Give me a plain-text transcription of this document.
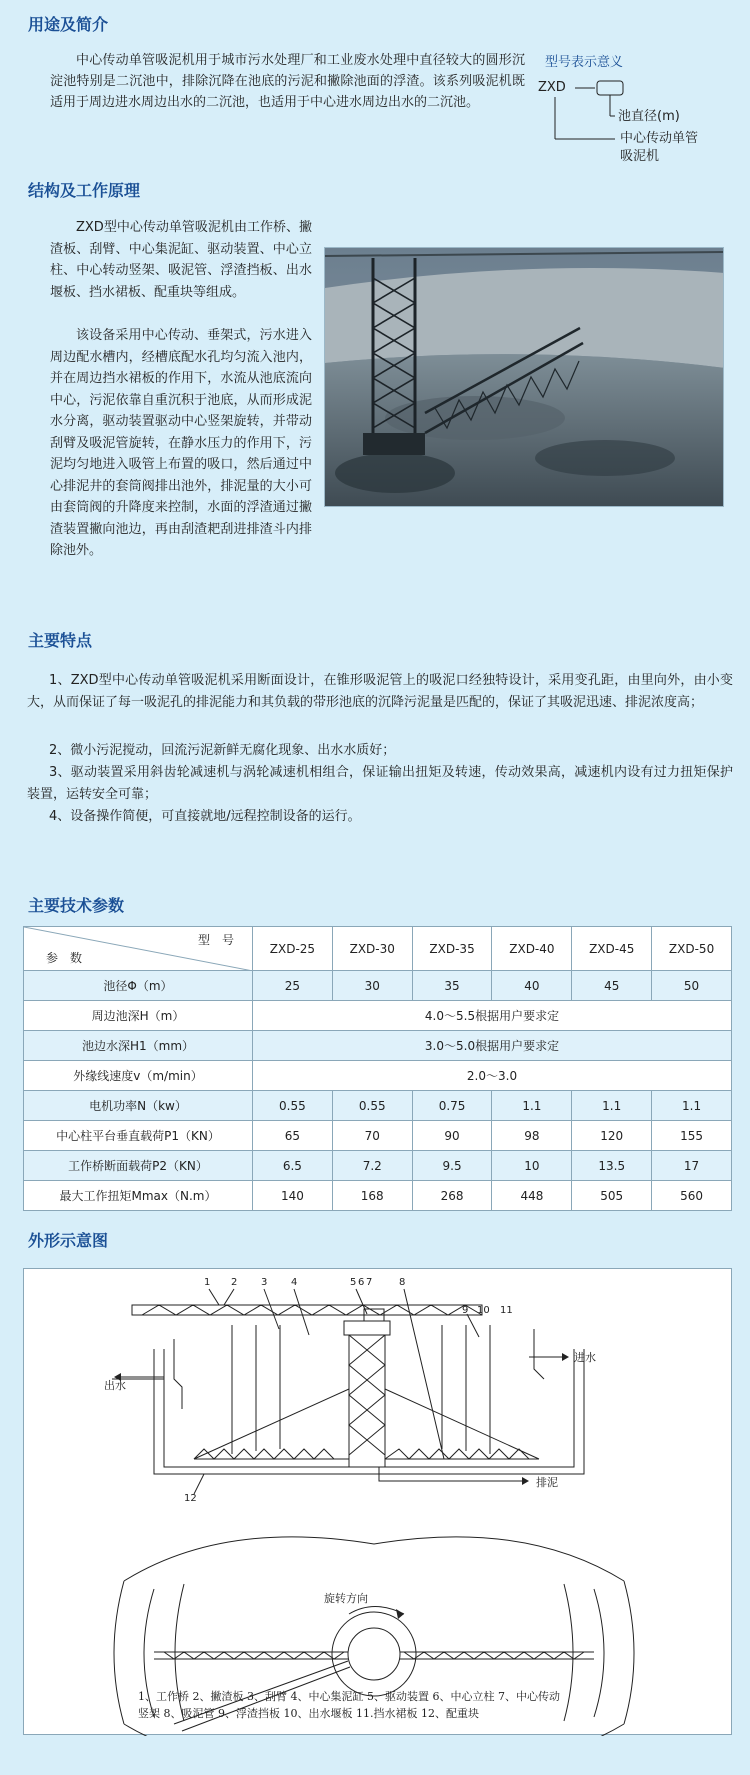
用途及简介
中心传动单管吸泥机用于城市污水处理厂和工业废水处理中直径较大的圆形沉淀池特别是二沉池中，排除沉降在池底的污泥和撇除池面的浮渣。该系列吸泥机既适用于周边进水周边出水的二沉池，也适用于中心进水周边出水的二沉池。
型号表示意义
ZXD
池直径(m)
中心传动单管吸泥机
结构及工作原理
ZXD型中心传动单管吸泥机由工作桥、撇渣板、刮臂、中心集泥缸、驱动装置、中心立柱、中心转动竖架、吸泥管、浮渣挡板、出水堰板、挡水裙板、配重块等组成。
该设备采用中心传动、垂架式，污水进入周边配水槽内，经槽底配水孔均匀流入池内，并在周边挡水裙板的作用下，水流从池底流向中心，污泥依靠自重沉积于池底，从而形成泥水分离，驱动装置驱动中心竖架旋转，并带动刮臂及吸泥管旋转，在静水压力的作用下，污泥均匀地进入吸管上布置的吸口，然后通过中心排泥井的套筒阀排出池外，排泥量的大小可由套筒阀的升降度来控制，水面的浮渣通过撇渣装置撇向池边，再由刮渣耙刮进排渣斗内排除池外。
主要特点
1、ZXD型中心传动单管吸泥机采用断面设计，在锥形吸泥管上的吸泥口经独特设计，采用变孔距，由里向外，由小变大，从而保证了每一吸泥孔的排泥能力和其负载的带形池底的沉降污泥量是匹配的，保证了其吸泥迅速、排泥浓度高；
2、微小污泥搅动，回流污泥新鲜无腐化现象、出水水质好；
3、驱动装置采用斜齿轮减速机与涡轮减速机相组合，保证输出扭矩及转速，传动效果高，减速机内设有过力扭矩保护装置，运转安全可靠；
4、设备操作简便，可直接就地/远程控制设备的运行。
主要技术参数
型　号
参　数	ZXD-25	ZXD-30	ZXD-35	ZXD-40	ZXD-45	ZXD-50
池径Φ（m）	25	30	35	40	45	50
周边池深H（m）	4.0～5.5根据用户要求定					
池边水深H1（mm）	3.0～5.0根据用户要求定					
外缘线速度v（m/min）	2.0～3.0					
电机功率N（kw）	0.55	0.55	0.75	1.1	1.1	1.1
中心柱平台垂直载荷P1（KN）	65	70	90	98	120	155
工作桥断面载荷P2（KN）	6.5	7.2	9.5	10	13.5	17
最大工作扭矩Mmax（N.m）	140	168	268	448	505	560
外形示意图
1 2 3 4	5 6 7	8
9 10 11
12
出水
进水
排泥
旋转方向
1、工作桥 2、撇渣板 3、刮臂 4、中心集泥缸 5、驱动装置 6、中心立柱 7、中心传动
竖架 8、吸泥管 9、浮渣挡板 10、出水堰板 11.挡水裙板 12、配重块
